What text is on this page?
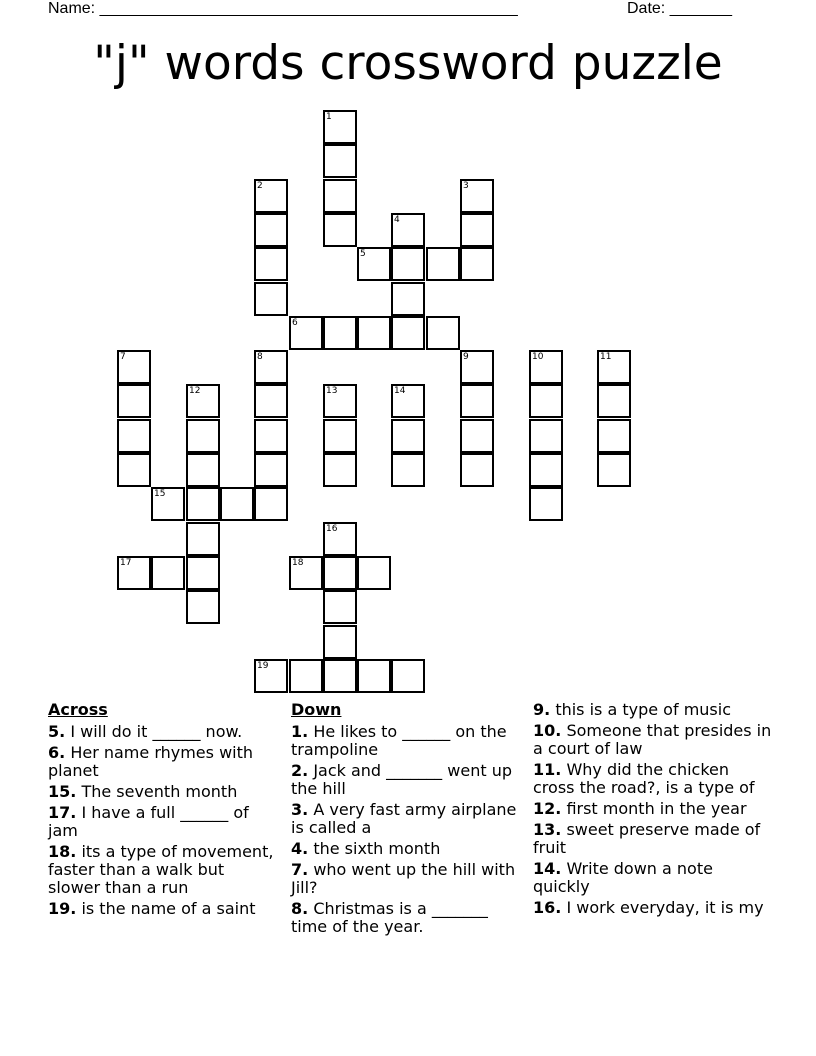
Name: _______________________________________________	Date: _______
"j" words crossword puzzle
1
2	3
4
5
6
7	8	9	10	11
12	13	14
15
16
17	18
19
Across
5. I will do it ______ now.
6. Her name rhymes with planet
15. The seventh month
17. I have a full ______ of jam
18. its a type of movement, faster than a walk but slower than a run
19. is the name of a saint
Down
1. He likes to ______ on the trampoline
2. Jack and _______ went up the hill
3. A very fast army airplane is called a
4. the sixth month
7. who went up the hill with Jill?
8. Christmas is a _______ time of the year.
9. this is a type of music
10. Someone that presides in a court of law
11. Why did the chicken cross the road?, is a type of
12. first month in the year
13. sweet preserve made of fruit
14. Write down a note quickly
16. I work everyday, it is my
